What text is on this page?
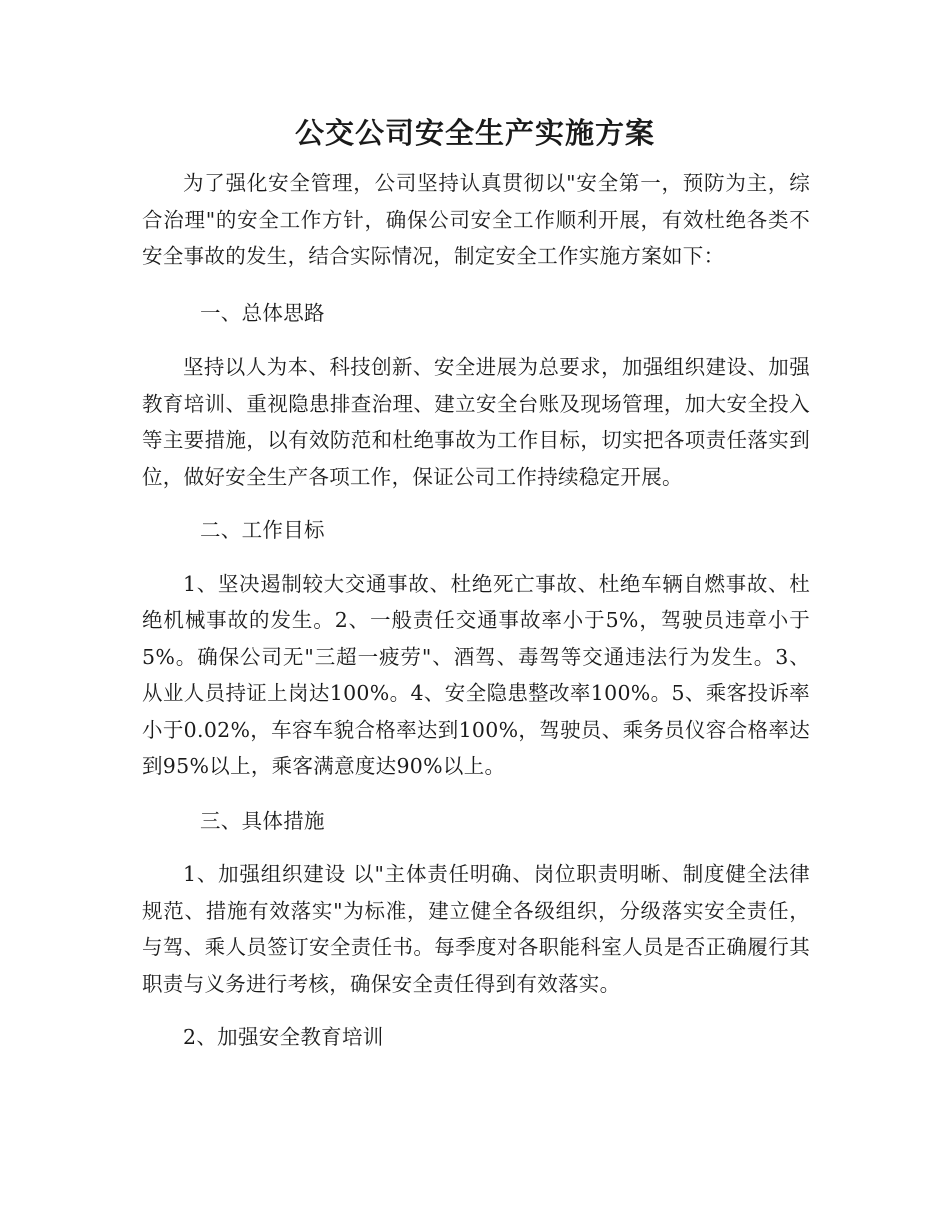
公交公司安全生产实施方案

为了强化安全管理，公司坚持认真贯彻以"安全第一，预防为主，综合治理"的安全工作方针，确保公司安全工作顺利开展，有效杜绝各类不安全事故的发生，结合实际情况，制定安全工作实施方案如下：

一、总体思路

坚持以人为本、科技创新、安全进展为总要求，加强组织建设、加强教育培训、重视隐患排查治理、建立安全台账及现场管理，加大安全投入等主要措施，以有效防范和杜绝事故为工作目标，切实把各项责任落实到位，做好安全生产各项工作，保证公司工作持续稳定开展。

二、工作目标

1、坚决遏制较大交通事故、杜绝死亡事故、杜绝车辆自燃事故、杜绝机械事故的发生。2、一般责任交通事故率小于5%，驾驶员违章小于5%。确保公司无"三超一疲劳"、酒驾、毒驾等交通违法行为发生。3、从业人员持证上岗达100%。4、安全隐患整改率100%。5、乘客投诉率小于0.02%，车容车貌合格率达到100%，驾驶员、乘务员仪容合格率达到95%以上，乘客满意度达90%以上。

三、具体措施

1、加强组织建设 以"主体责任明确、岗位职责明晰、制度健全法律规范、措施有效落实"为标准，建立健全各级组织，分级落实安全责任，与驾、乘人员签订安全责任书。每季度对各职能科室人员是否正确履行其职责与义务进行考核，确保安全责任得到有效落实。

2、加强安全教育培训
